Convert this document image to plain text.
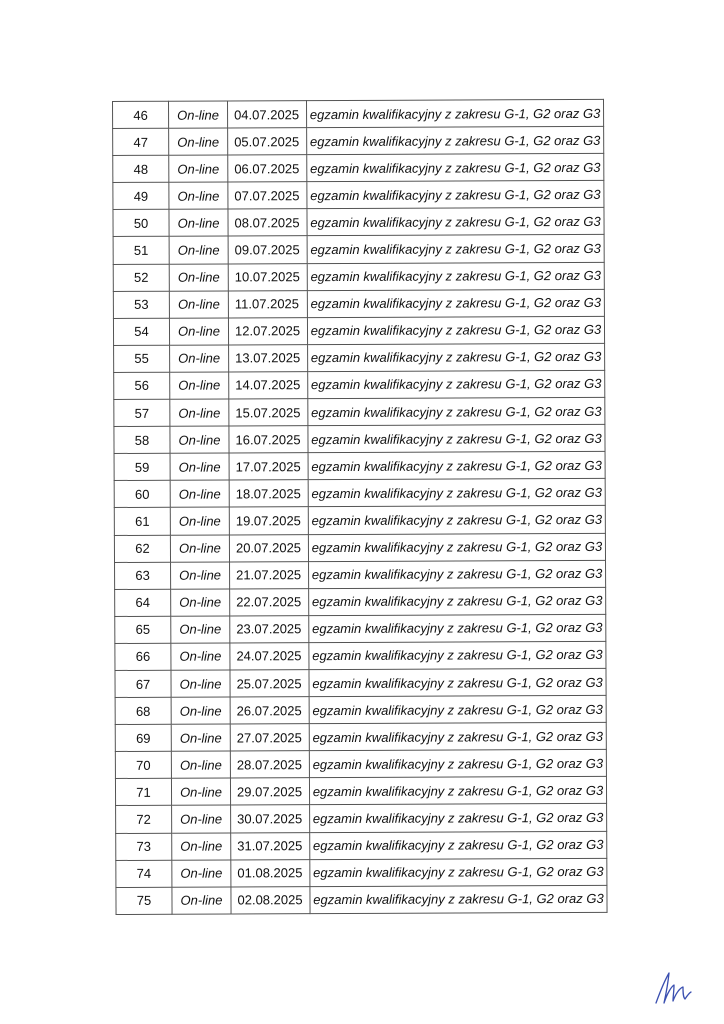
46	On-line	04.07.2025	egzamin kwalifikacyjny z zakresu G-1, G2 oraz G3
47	On-line	05.07.2025	egzamin kwalifikacyjny z zakresu G-1, G2 oraz G3
48	On-line	06.07.2025	egzamin kwalifikacyjny z zakresu G-1, G2 oraz G3
49	On-line	07.07.2025	egzamin kwalifikacyjny z zakresu G-1, G2 oraz G3
50	On-line	08.07.2025	egzamin kwalifikacyjny z zakresu G-1, G2 oraz G3
51	On-line	09.07.2025	egzamin kwalifikacyjny z zakresu G-1, G2 oraz G3
52	On-line	10.07.2025	egzamin kwalifikacyjny z zakresu G-1, G2 oraz G3
53	On-line	11.07.2025	egzamin kwalifikacyjny z zakresu G-1, G2 oraz G3
54	On-line	12.07.2025	egzamin kwalifikacyjny z zakresu G-1, G2 oraz G3
55	On-line	13.07.2025	egzamin kwalifikacyjny z zakresu G-1, G2 oraz G3
56	On-line	14.07.2025	egzamin kwalifikacyjny z zakresu G-1, G2 oraz G3
57	On-line	15.07.2025	egzamin kwalifikacyjny z zakresu G-1, G2 oraz G3
58	On-line	16.07.2025	egzamin kwalifikacyjny z zakresu G-1, G2 oraz G3
59	On-line	17.07.2025	egzamin kwalifikacyjny z zakresu G-1, G2 oraz G3
60	On-line	18.07.2025	egzamin kwalifikacyjny z zakresu G-1, G2 oraz G3
61	On-line	19.07.2025	egzamin kwalifikacyjny z zakresu G-1, G2 oraz G3
62	On-line	20.07.2025	egzamin kwalifikacyjny z zakresu G-1, G2 oraz G3
63	On-line	21.07.2025	egzamin kwalifikacyjny z zakresu G-1, G2 oraz G3
64	On-line	22.07.2025	egzamin kwalifikacyjny z zakresu G-1, G2 oraz G3
65	On-line	23.07.2025	egzamin kwalifikacyjny z zakresu G-1, G2 oraz G3
66	On-line	24.07.2025	egzamin kwalifikacyjny z zakresu G-1, G2 oraz G3
67	On-line	25.07.2025	egzamin kwalifikacyjny z zakresu G-1, G2 oraz G3
68	On-line	26.07.2025	egzamin kwalifikacyjny z zakresu G-1, G2 oraz G3
69	On-line	27.07.2025	egzamin kwalifikacyjny z zakresu G-1, G2 oraz G3
70	On-line	28.07.2025	egzamin kwalifikacyjny z zakresu G-1, G2 oraz G3
71	On-line	29.07.2025	egzamin kwalifikacyjny z zakresu G-1, G2 oraz G3
72	On-line	30.07.2025	egzamin kwalifikacyjny z zakresu G-1, G2 oraz G3
73	On-line	31.07.2025	egzamin kwalifikacyjny z zakresu G-1, G2 oraz G3
74	On-line	01.08.2025	egzamin kwalifikacyjny z zakresu G-1, G2 oraz G3
75	On-line	02.08.2025	egzamin kwalifikacyjny z zakresu G-1, G2 oraz G3
